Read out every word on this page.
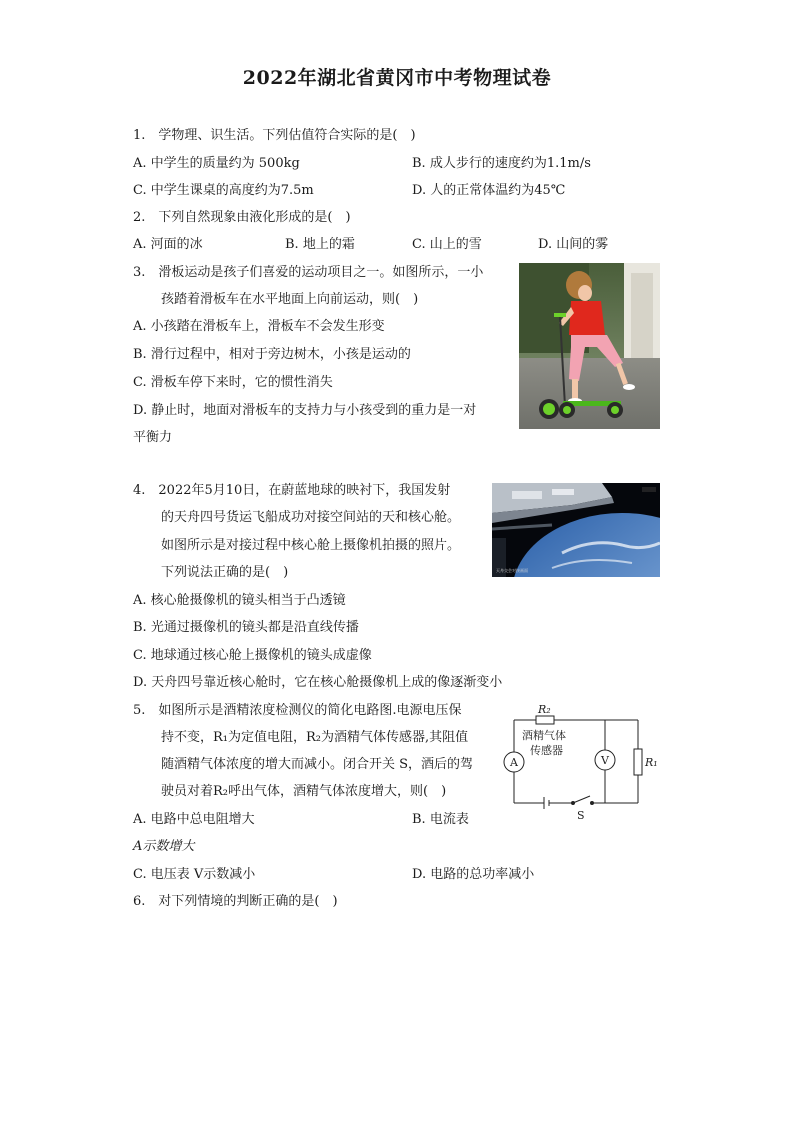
2022年湖北省黄冈市中考物理试卷
1.　学物理、识生活。下列估值符合实际的是(　)
A. 中学生的质量约为 500kg	B. 成人步行的速度约为1.1m/s
C. 中学生课桌的高度约为7.5m	D. 人的正常体温约为45℃
2.　下列自然现象由液化形成的是(　)
A. 河面的冰	B. 地上的霜	C. 山上的雪	D. 山间的雾
3.　滑板运动是孩子们喜爱的运动项目之一。如图所示，一小
孩踏着滑板车在水平地面上向前运动，则(　)
A. 小孩踏在滑板车上，滑板车不会发生形变
B. 滑行过程中，相对于旁边树木，小孩是运动的
C. 滑板车停下来时，它的惯性消失
D. 静止时，地面对滑板车的支持力与小孩受到的重力是一对
平衡力
4.　2022年5月10日，在蔚蓝地球的映衬下，我国发射
的天舟四号货运飞船成功对接空间站的天和核心舱。
如图所示是对接过程中核心舱上摄像机拍摄的照片。
下列说法正确的是(　)
A. 核心舱摄像机的镜头相当于凸透镜
B. 光通过摄像机的镜头都是沿直线传播
C. 地球通过核心舱上摄像机的镜头成虚像
D. 天舟四号靠近核心舱时，它在核心舱摄像机上成的像逐渐变小
天舟交会对接画面
5.　如图所示是酒精浓度检测仪的简化电路图.电源电压保
持不变，R₁为定值电阻，R₂为酒精气体传感器,其阻值
随酒精气体浓度的增大而减小。闭合开关 S，酒后的驾
驶员对着R₂呼出气体，酒精气体浓度增大，则(　)
A. 电路中总电阻增大	B. 电流表
A示数增大
C. 电压表 V示数减小	D. 电路的总功率减小
R₂
酒精气体
传感器
A	V	R₁
S
6.　对下列情境的判断正确的是(　)
